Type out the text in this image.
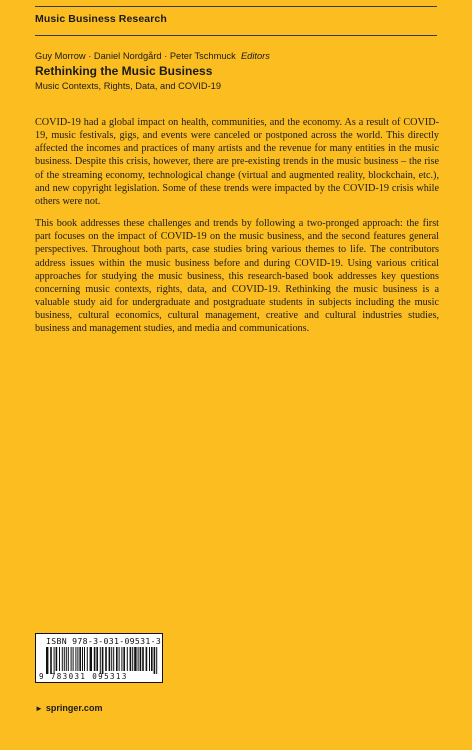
Music Business Research
Guy Morrow · Daniel Nordgård · Peter Tschmuck Editors
Rethinking the Music Business
Music Contexts, Rights, Data, and COVID-19

COVID-19 had a global impact on health, communities, and the economy. As a result of COVID-19, music festivals, gigs, and events were canceled or postponed across the world. This directly affected the incomes and practices of many artists and the revenue for many entities in the music business. Despite this crisis, however, there are pre-existing trends in the music business – the rise of the streaming economy, technological change (virtual and augmented reality, blockchain, etc.), and new copyright legislation. Some of these trends were impacted by the COVID-19 crisis while others were not.

This book addresses these challenges and trends by following a two-pronged approach: the first part focuses on the impact of COVID-19 on the music business, and the second features general perspectives. Throughout both parts, case studies bring various themes to life. The contributors address issues within the music business before and during COVID-19. Using various critical approaches for studying the music business, this research-based book addresses key questions concerning music contexts, rights, data, and COVID-19. Rethinking the music business is a valuable study aid for undergraduate and postgraduate students in subjects including the music business, cultural economics, cultural management, creative and cultural industries studies, business and management studies, and media and communications.

ISBN 978-3-031-09531-3
9 783031 095313
► springer.com
